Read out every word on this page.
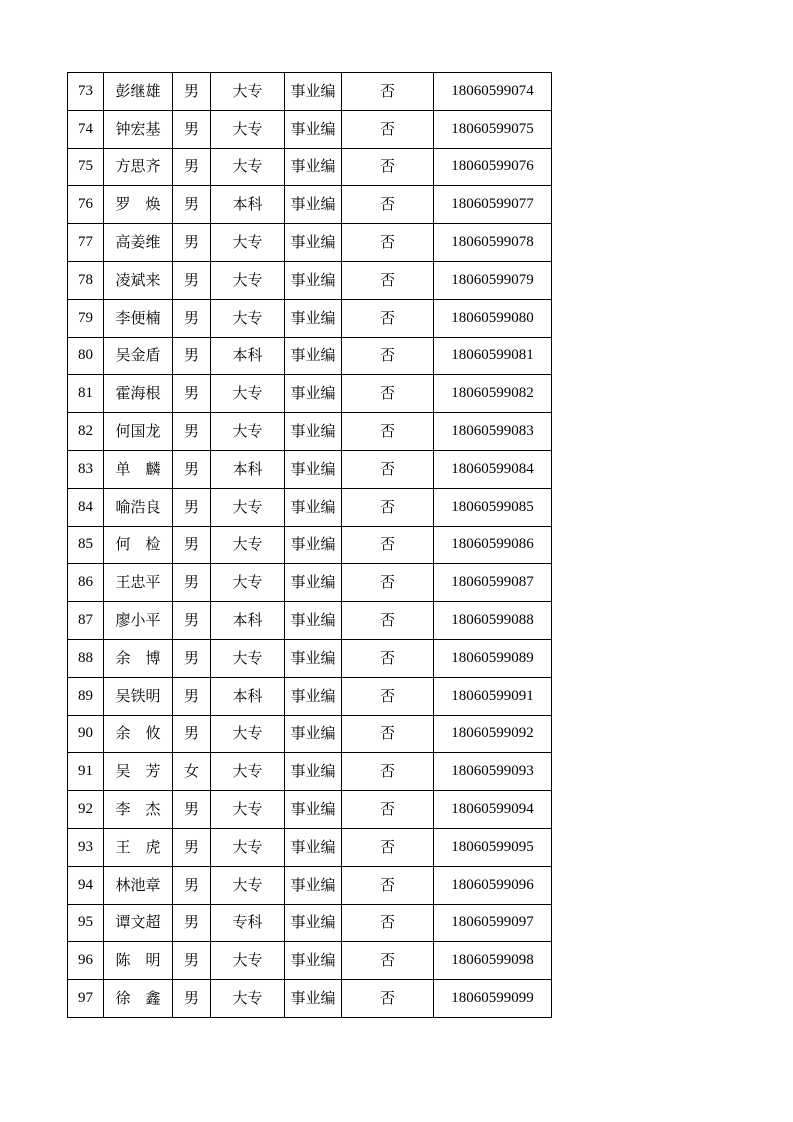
73	彭继雄	男	大专	事业编	否	18060599074
74	钟宏基	男	大专	事业编	否	18060599075
75	方思齐	男	大专	事业编	否	18060599076
76	罗　焕	男	本科	事业编	否	18060599077
77	高姜维	男	大专	事业编	否	18060599078
78	凌斌来	男	大专	事业编	否	18060599079
79	李便楠	男	大专	事业编	否	18060599080
80	吴金盾	男	本科	事业编	否	18060599081
81	霍海根	男	大专	事业编	否	18060599082
82	何国龙	男	大专	事业编	否	18060599083
83	单　麟	男	本科	事业编	否	18060599084
84	喻浩良	男	大专	事业编	否	18060599085
85	何　检	男	大专	事业编	否	18060599086
86	王忠平	男	大专	事业编	否	18060599087
87	廖小平	男	本科	事业编	否	18060599088
88	余　博	男	大专	事业编	否	18060599089
89	吴铁明	男	本科	事业编	否	18060599091
90	余　攸	男	大专	事业编	否	18060599092
91	吴　芳	女	大专	事业编	否	18060599093
92	李　杰	男	大专	事业编	否	18060599094
93	王　虎	男	大专	事业编	否	18060599095
94	林池章	男	大专	事业编	否	18060599096
95	谭文超	男	专科	事业编	否	18060599097
96	陈　明	男	大专	事业编	否	18060599098
97	徐　鑫	男	大专	事业编	否	18060599099
